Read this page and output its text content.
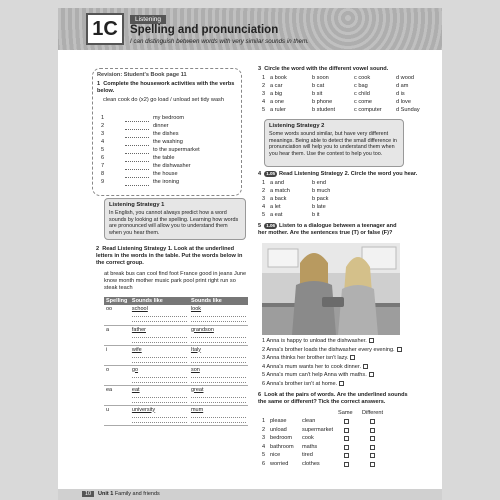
1C	Listening
Spelling and pronunciation
I can distinguish between words with very similar sounds in them.
Revision: Student's Book page 11
1 Complete the housework activities with the verbs below.
clean cook do (x2) go load / unload set tidy wash
1	my bedroom
2	dinner
3	the dishes
4	the washing
5	to the supermarket
6	the table
7	the dishwasher
8	the house
9	the ironing
Listening Strategy 1
In English, you cannot always predict how a word sounds by looking at the spelling. Learning how words are pronounced will allow you to understand them when you hear them.
2 Read Listening Strategy 1. Look at the underlined letters in the words in the table. Put the words below in the correct group.
at break bus can cool find foot France good in jeans June know month mother music park pool print right run so steak teach
Spelling	Sounds like	Sounds like
oo	school	look

a	father	grandson

i	wife	Italy

o	go	son

ea	eat	great

u	university	mum
3 Circle the word with the different vowel sound.
1 a book	b soon	c cook	d wood
2 a car	b cat	c bag	d am
3 a big	b sit	c child	d is
4 a one	b phone	c come	d love
5 a ruler	b student	c computer	d Sunday
Listening Strategy 2
Some words sound similar, but have very different meanings. Being able to detect the small difference in pronunciation will help you to understand them when you hear them. Use the context to help you too.
4 1.05 Read Listening Strategy 2. Circle the word you hear.
1 a and	b end
2 a match	b much
3 a back	b pack
4 a let	b late
5 a eat	b it
5 1.06 Listen to a dialogue between a teenager and her mother. Are the sentences true (T) or false (F)?
1 Anna is happy to unload the dishwasher.
2 Anna's brother loads the dishwasher every evening.
3 Anna thinks her brother isn't lazy.
4 Anna's mum wants her to cook dinner.
5 Anna's mum can't help Anna with maths.
6 Anna's brother isn't at home.
6 Look at the pairs of words. Are the underlined sounds the same or different? Tick the correct answers.
Same Different
1 please	clean
2 unload	supermarket
3 bedroom cook
4 bathroom maths
5 nice	tired
6 worried clothes
10	Unit 1 Family and friends
